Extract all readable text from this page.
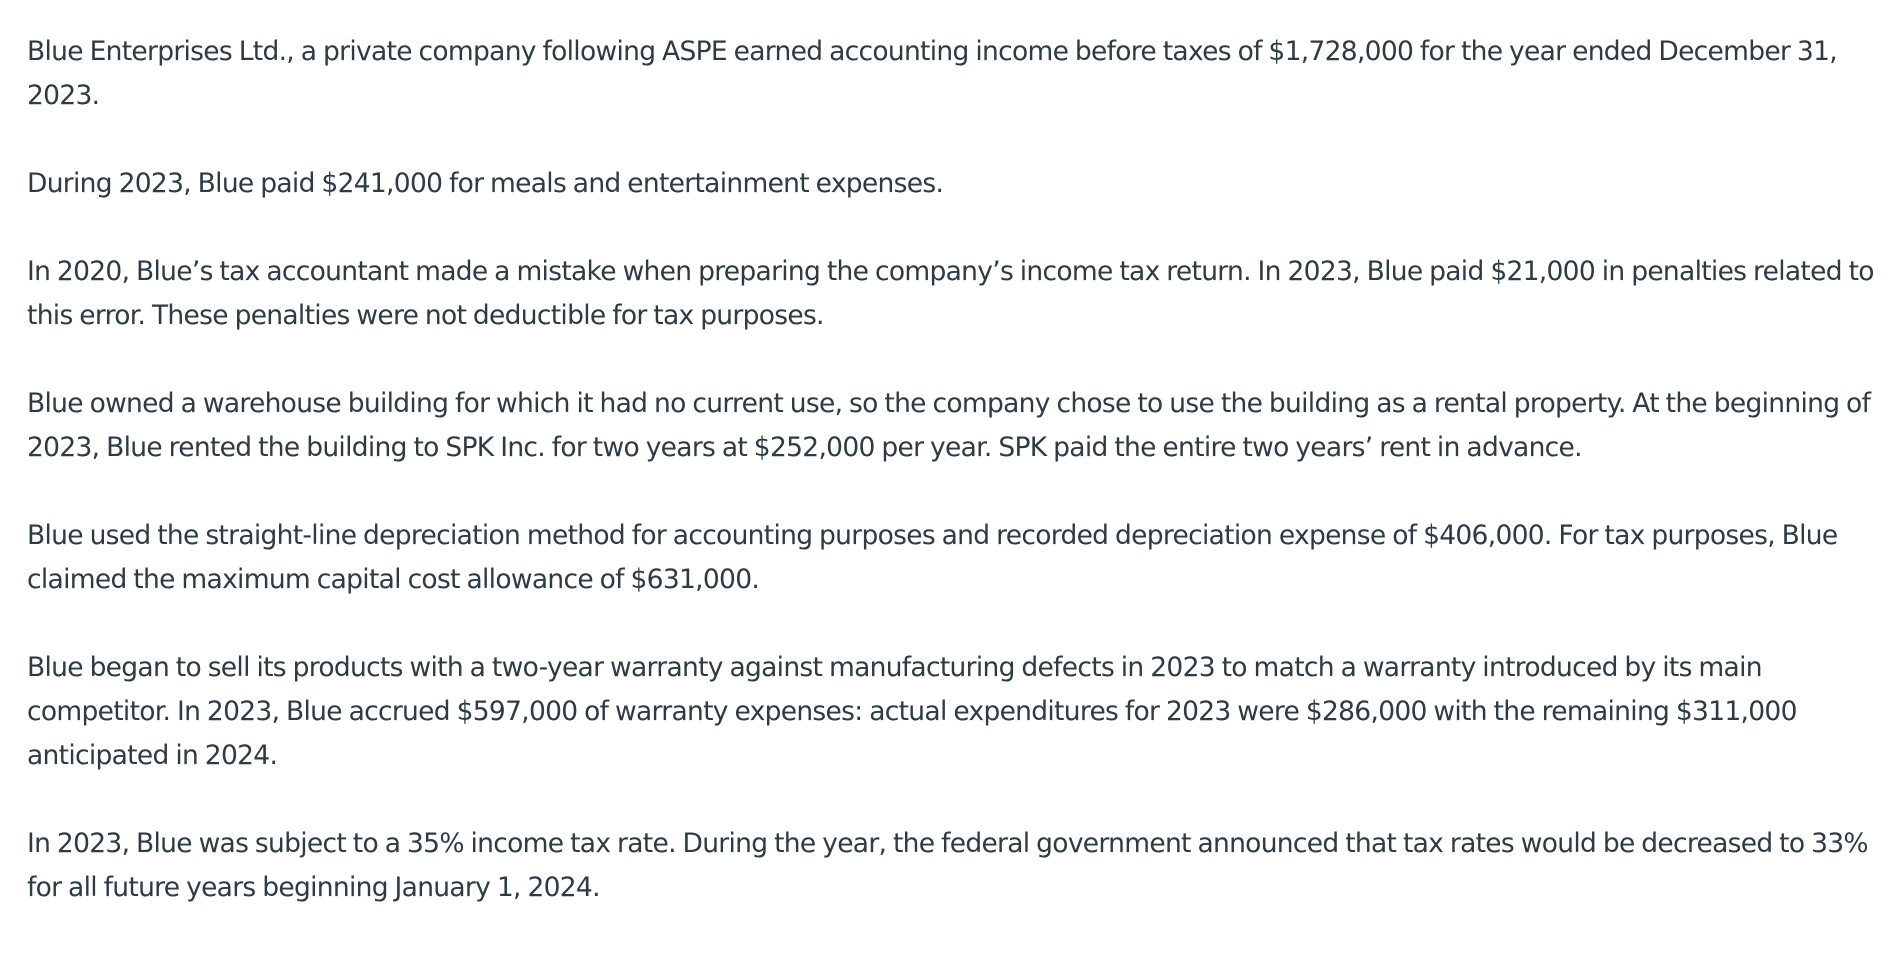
Blue Enterprises Ltd., a private company following ASPE earned accounting income before taxes of $1,728,000 for the year ended December 31, 2023.

During 2023, Blue paid $241,000 for meals and entertainment expenses.

In 2020, Blue’s tax accountant made a mistake when preparing the company’s income tax return. In 2023, Blue paid $21,000 in penalties related to this error. These penalties were not deductible for tax purposes.

Blue owned a warehouse building for which it had no current use, so the company chose to use the building as a rental property. At the beginning of 2023, Blue rented the building to SPK Inc. for two years at $252,000 per year. SPK paid the entire two years’ rent in advance.

Blue used the straight-line depreciation method for accounting purposes and recorded depreciation expense of $406,000. For tax purposes, Blue claimed the maximum capital cost allowance of $631,000.

Blue began to sell its products with a two-year warranty against manufacturing defects in 2023 to match a warranty introduced by its main competitor. In 2023, Blue accrued $597,000 of warranty expenses: actual expenditures for 2023 were $286,000 with the remaining $311,000 anticipated in 2024.

In 2023, Blue was subject to a 35% income tax rate. During the year, the federal government announced that tax rates would be decreased to 33% for all future years beginning January 1, 2024.
